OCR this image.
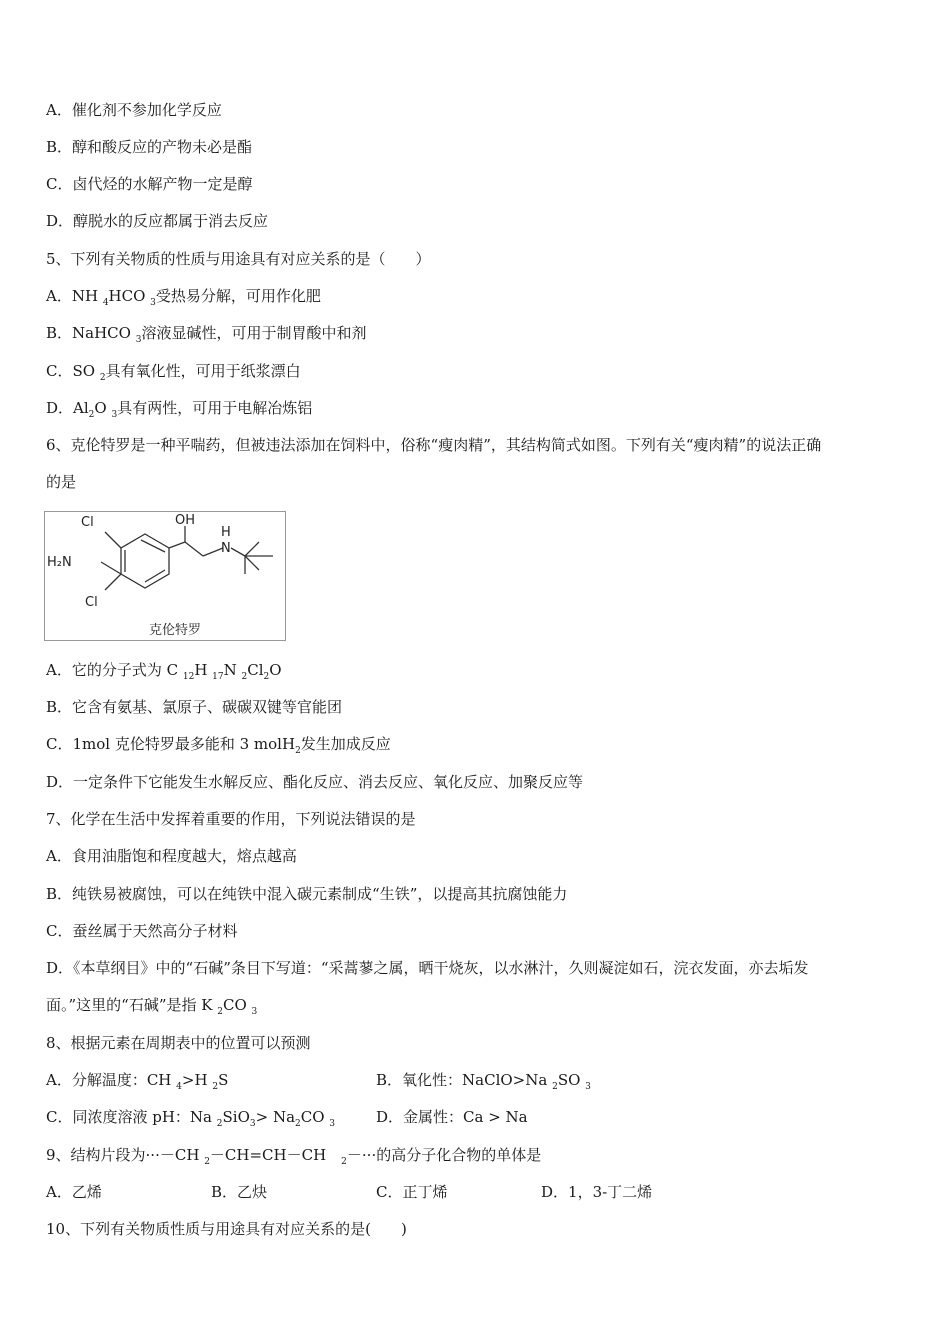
A．催化剂不参加化学反应
B．醇和酸反应的产物未必是酯
C．卤代烃的水解产物一定是醇
D．醇脱水的反应都属于消去反应
5、下列有关物质的性质与用途具有对应关系的是（　　）
A．NH $_4$HCO $_3$受热易分解，可用作化肥
B．NaHCO $_3$溶液显碱性，可用于制胃酸中和剂
C．SO $_2$具有氧化性，可用于纸浆漂白
D．$Al_2O$ $_3$具有两性，可用于电解冶炼铝
6、克伦特罗是一种平喘药，但被违法添加在饲料中，俗称“瘦肉精”，其结构简式如图。下列有关“瘦肉精”的说法正确
的是
Cl	OH
H₂N
H
N
Cl
克伦特罗
A．它的分子式为 C $_{12}$H $_{17}$N $_2Cl_2O$
B．它含有氨基、氯原子、碳碳双键等官能团
C．1mol 克伦特罗最多能和 3 molH$_2$发生加成反应
D．一定条件下它能发生水解反应、酯化反应、消去反应、氧化反应、加聚反应等
7、化学在生活中发挥着重要的作用，下列说法错误的是
A．食用油脂饱和程度越大，熔点越高
B．纯铁易被腐蚀，可以在纯铁中混入碳元素制成“生铁”，以提高其抗腐蚀能力
C．蚕丝属于天然高分子材料
D．《本草纲目》中的“石碱”条目下写道：“采蒿蓼之属，晒干烧灰，以水淋汁，久则凝淀如石，浣衣发面，亦去垢发
面。”这里的“石碱”是指 K $_2$CO $_3$
8、根据元素在周期表中的位置可以预测
A．分解温度：CH $_4$>H $_2$S	B．氧化性：NaClO>Na $_2$SO $_3$
C．同浓度溶液 pH：Na $_2SiO_3> Na_2CO$ $_3$	D．金属性：Ca > Na
9、结构片段为···－CH $_2$－CH=CH－CH　$_2$－···的高分子化合物的单体是
A．乙烯	B．乙炔	C．正丁烯	D．1，3-丁二烯
10、下列有关物质性质与用途具有对应关系的是(　　)
